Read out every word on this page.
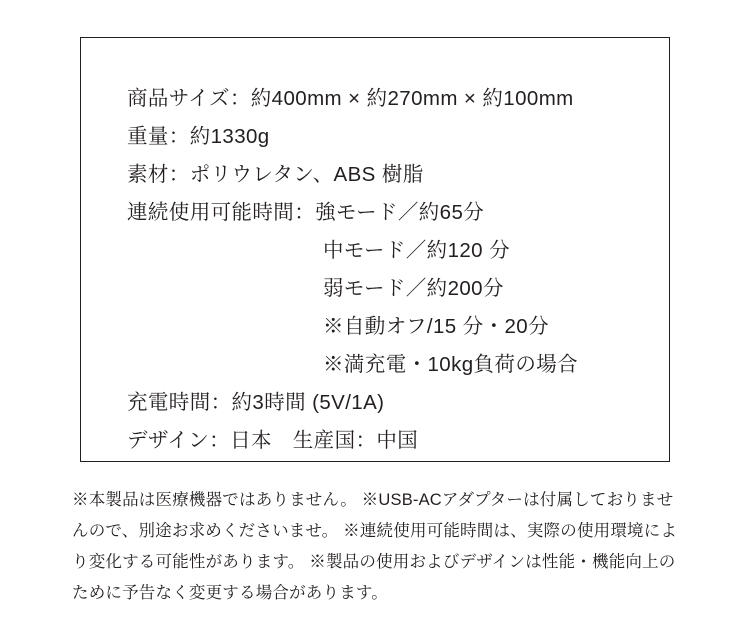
商品サイズ：約400mm × 約270mm × 約100mm
重量：約1330g
素材：ポリウレタン、ABS 樹脂
連続使用可能時間：強モード／約65分
中モード／約120 分
弱モード／約200分
※自動オフ/15 分・20分
※満充電・10kg負荷の場合
充電時間：約3時間 (5V/1A)
デザイン：日本　生産国：中国
※本製品は医療機器ではありません。 ※USB-ACアダプターは付属しておりませんので、別途お求めくださいませ。 ※連続使用可能時間は、実際の使用環境により変化する可能性があります。 ※製品の使用およびデザインは性能・機能向上のために予告なく変更する場合があります。
